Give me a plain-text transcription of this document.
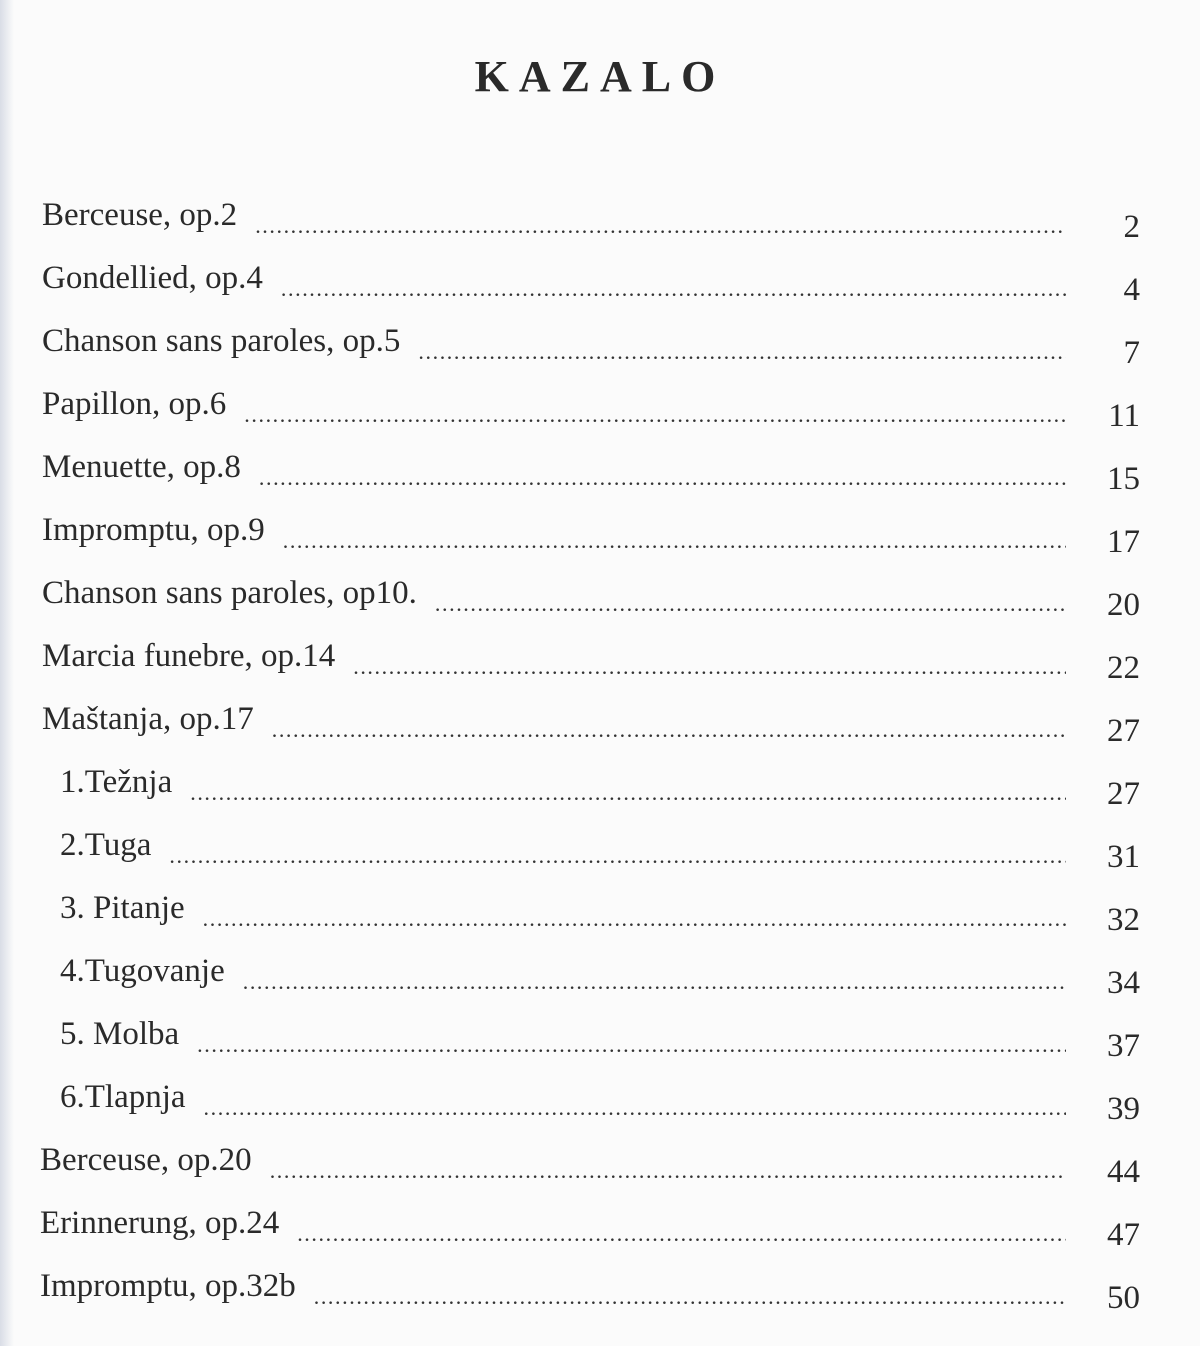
KAZALO
Berceuse, op.2 .....	2
Gondellied, op.4 .....	4
Chanson sans paroles, op.5 .....	7
Papillon, op.6 .....	11
Menuette, op.8 .....	15
Impromptu, op.9 .....	17
Chanson sans paroles, op10. .....	20
Marcia funebre, op.14 .....	22
Maštanja, op.17 .....	27
1.Težnja .....	27
2.Tuga .....	31
3. Pitanje .....	32
4.Tugovanje .....	34
5. Molba .....	37
6.Tlapnja .....	39
Berceuse, op.20 .....	44
Erinnerung, op.24 .....	47
Impromptu, op.32b .....	50
